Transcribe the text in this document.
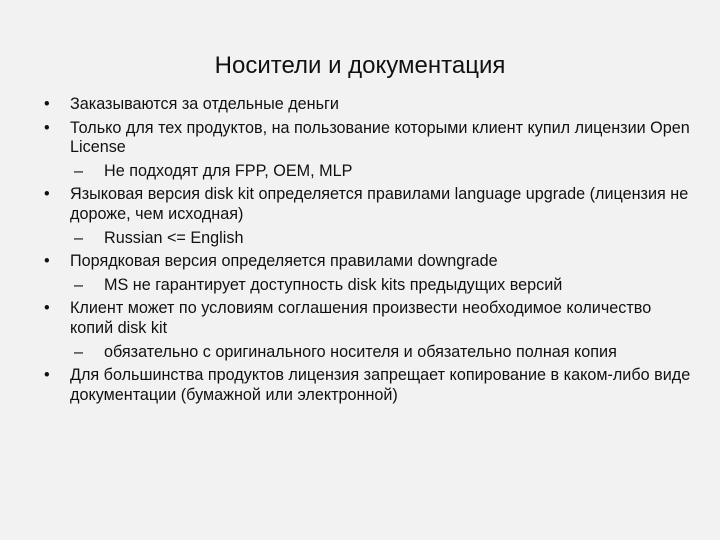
Носители и документация
• Заказываются за отдельные деньги
• Только для тех продуктов, на пользование которыми клиент купил лицензии Open License
– Не подходят для FPP, OEM, MLP
• Языковая версия disk kit определяется правилами language upgrade (лицензия не дороже, чем исходная)
– Russian <= English
• Порядковая версия определяется правилами downgrade
– MS не гарантирует доступность disk kits предыдущих версий
• Клиент может по условиям соглашения произвести необходимое количество копий disk kit
– обязательно с оригинального носителя и обязательно полная копия
• Для большинства продуктов лицензия запрещает копирование в каком-либо виде документации (бумажной или электронной)
